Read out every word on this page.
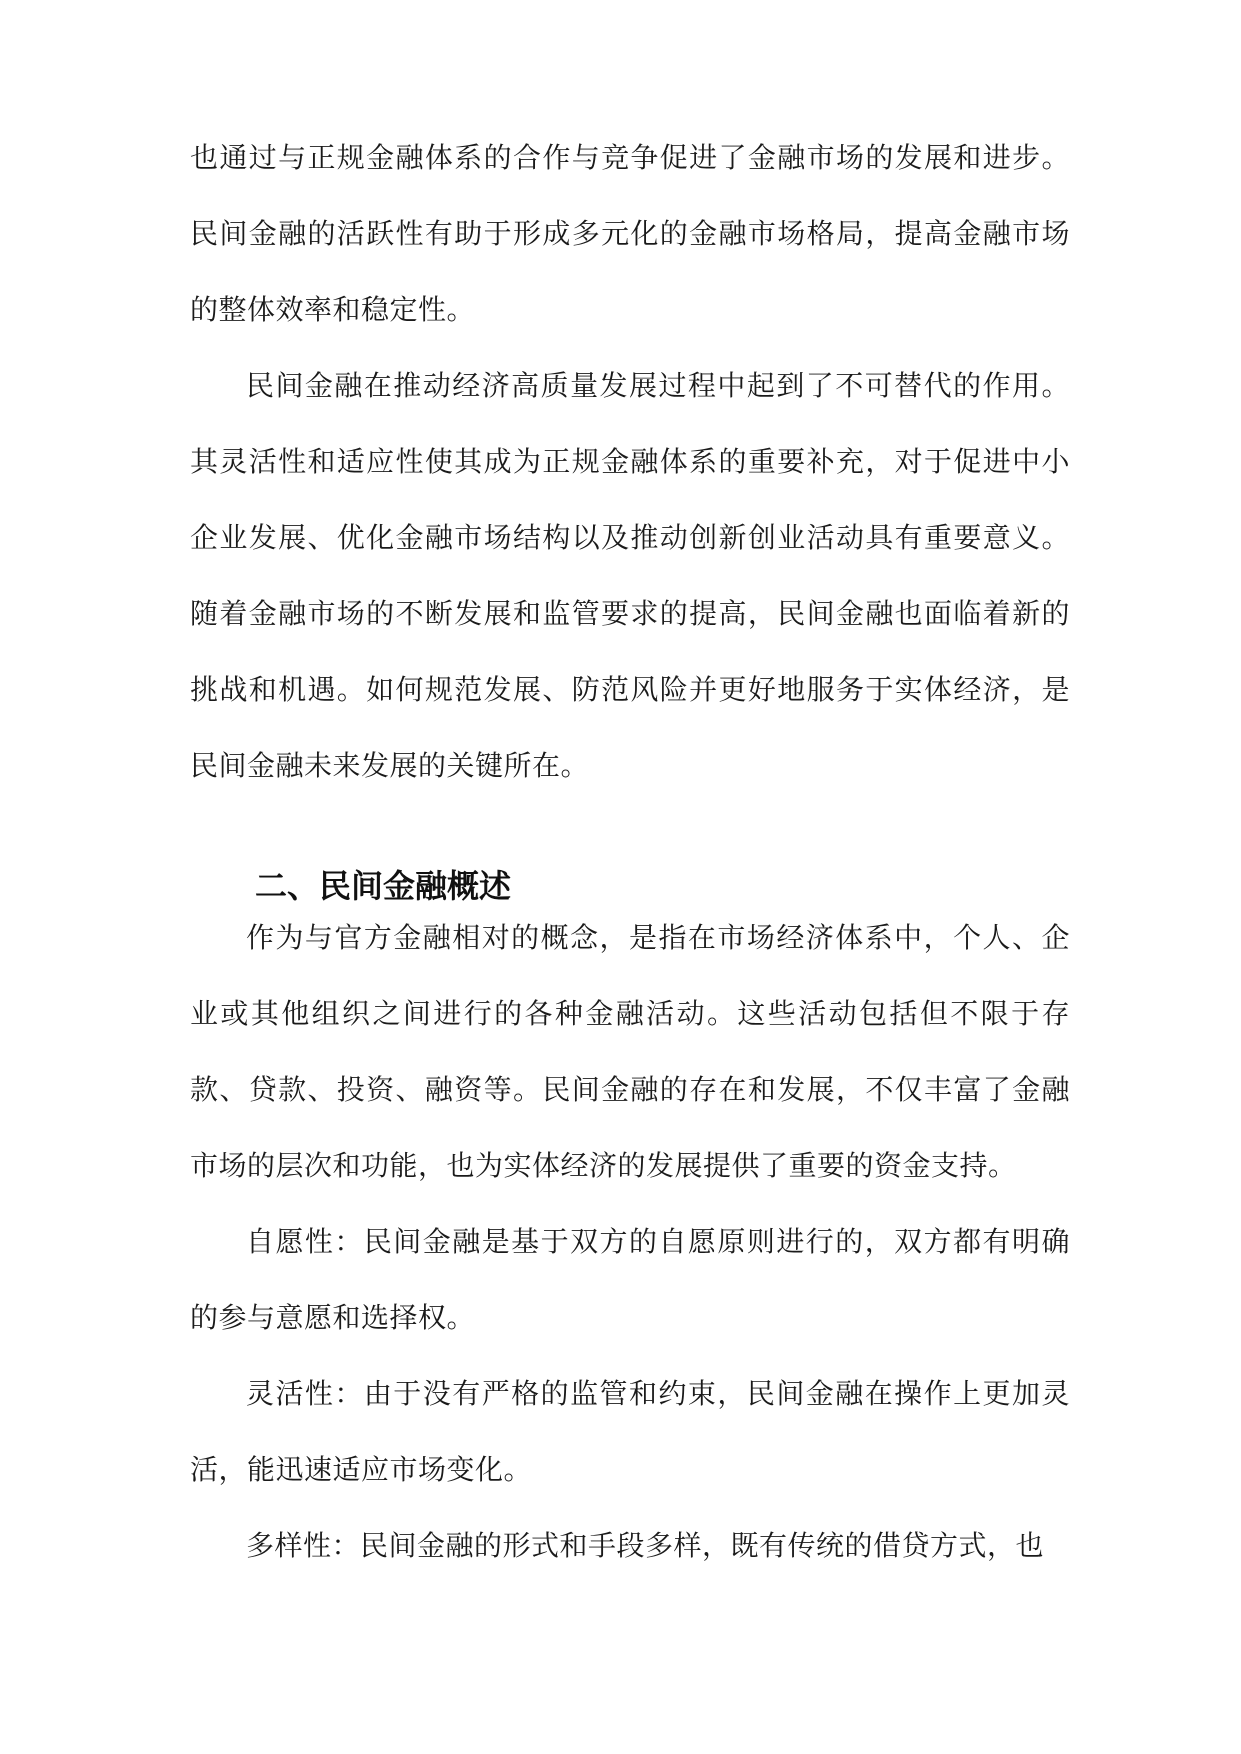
也通过与正规金融体系的合作与竞争促进了金融市场的发展和进步。民间金融的活跃性有助于形成多元化的金融市场格局，提高金融市场的整体效率和稳定性。

民间金融在推动经济高质量发展过程中起到了不可替代的作用。其灵活性和适应性使其成为正规金融体系的重要补充，对于促进中小企业发展、优化金融市场结构以及推动创新创业活动具有重要意义。随着金融市场的不断发展和监管要求的提高，民间金融也面临着新的挑战和机遇。如何规范发展、防范风险并更好地服务于实体经济，是民间金融未来发展的关键所在。

二、民间金融概述

作为与官方金融相对的概念，是指在市场经济体系中，个人、企业或其他组织之间进行的各种金融活动。这些活动包括但不限于存款、贷款、投资、融资等。民间金融的存在和发展，不仅丰富了金融市场的层次和功能，也为实体经济的发展提供了重要的资金支持。

自愿性：民间金融是基于双方的自愿原则进行的，双方都有明确的参与意愿和选择权。

灵活性：由于没有严格的监管和约束，民间金融在操作上更加灵活，能迅速适应市场变化。

多样性：民间金融的形式和手段多样，既有传统的借贷方式，也
